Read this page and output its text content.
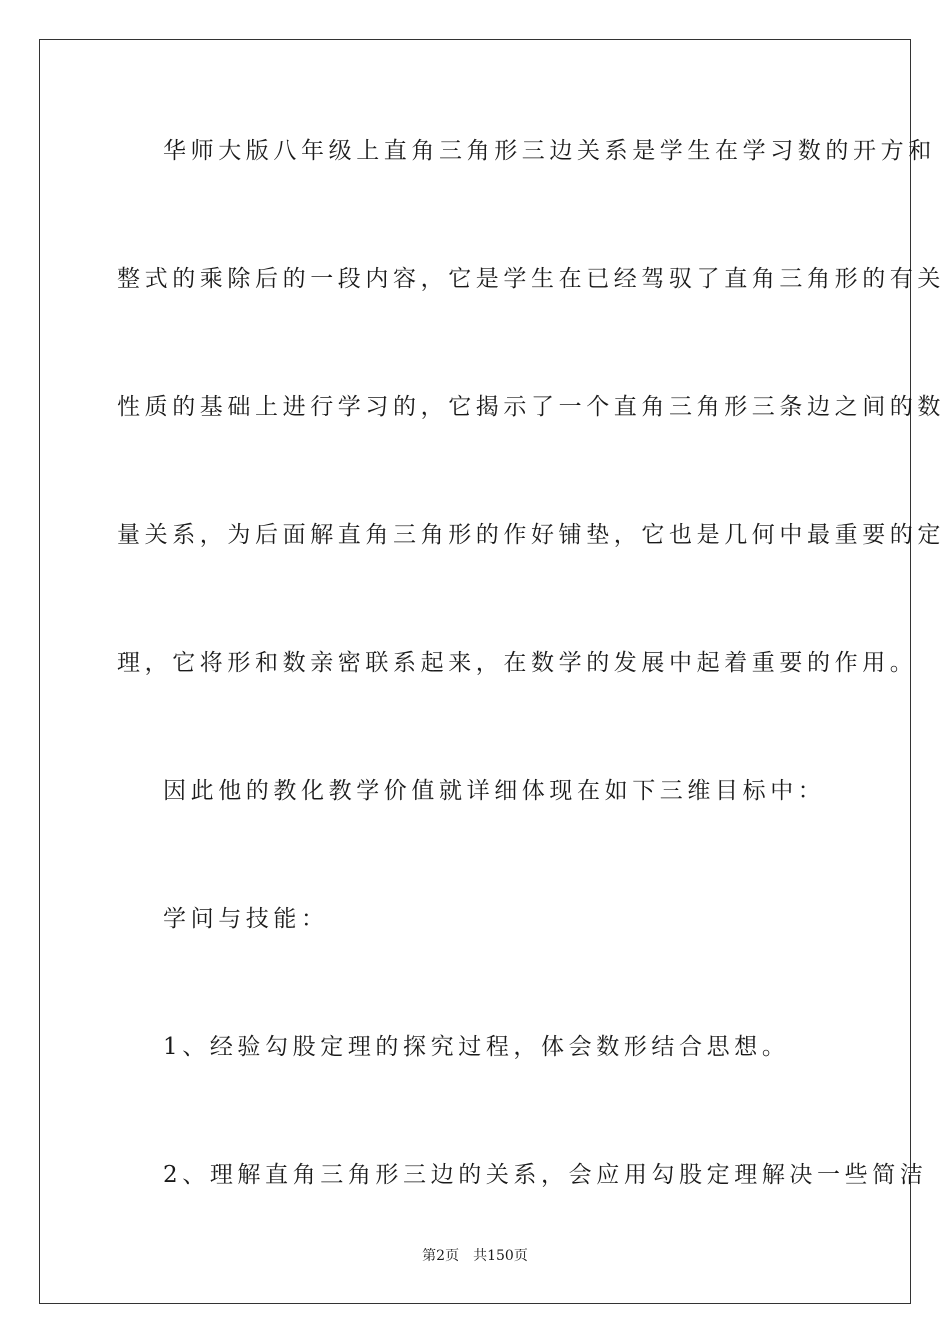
华师大版八年级上直角三角形三边关系是学生在学习数的开方和
整式的乘除后的一段内容，它是学生在已经驾驭了直角三角形的有关
性质的基础上进行学习的，它揭示了一个直角三角形三条边之间的数
量关系，为后面解直角三角形的作好铺垫，它也是几何中最重要的定
理，它将形和数亲密联系起来，在数学的发展中起着重要的作用。
因此他的教化教学价值就详细体现在如下三维目标中：
学问与技能：
1、经验勾股定理的探究过程，体会数形结合思想。
2、理解直角三角形三边的关系，会应用勾股定理解决一些简洁
第2页 共150页
